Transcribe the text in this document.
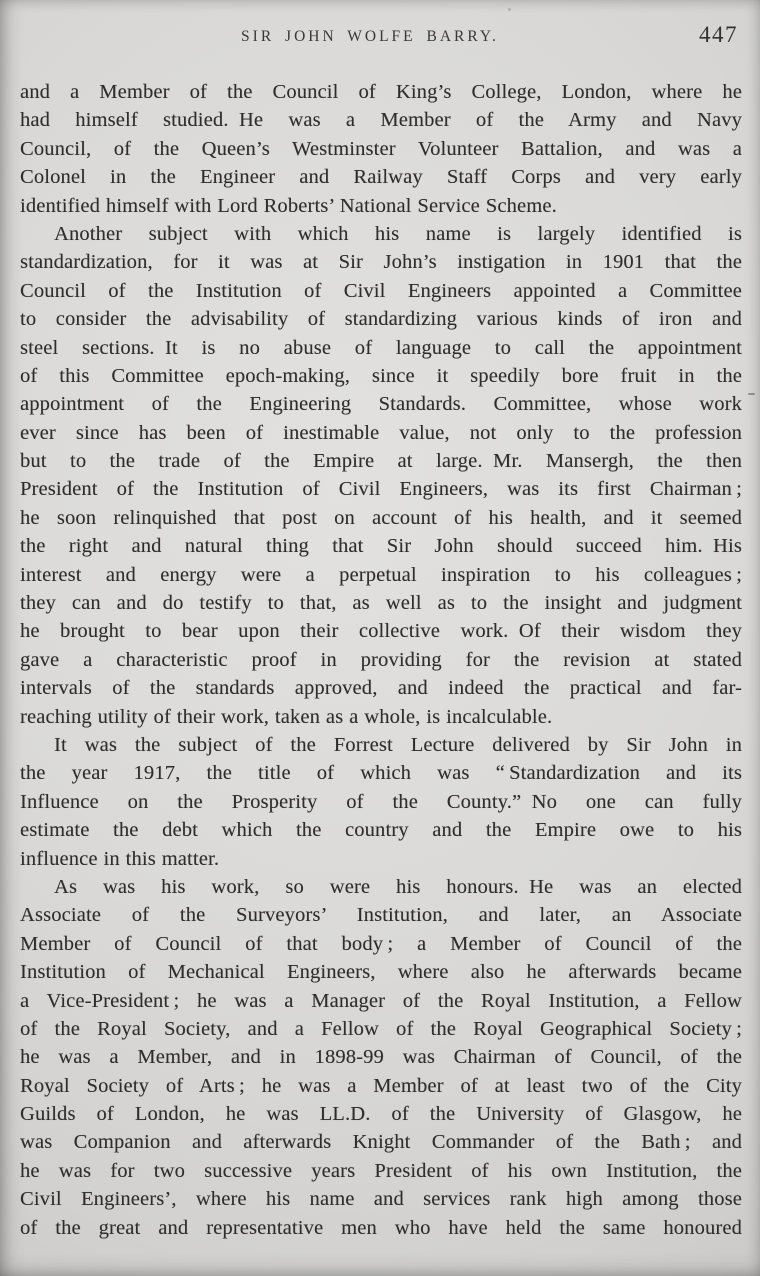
SIR JOHN WOLFE BARRY.	447
and a Member of the Council of King’s College, London, where he
had himself studied. He was a Member of the Army and Navy
Council, of the Queen’s Westminster Volunteer Battalion, and was a
Colonel in the Engineer and Railway Staff Corps and very early
identified himself with Lord Roberts’ National Service Scheme.
Another subject with which his name is largely identified is
standardization, for it was at Sir John’s instigation in 1901 that the
Council of the Institution of Civil Engineers appointed a Committee
to consider the advisability of standardizing various kinds of iron and
steel sections. It is no abuse of language to call the appointment
of this Committee epoch-making, since it speedily bore fruit in the
appointment of the Engineering Standards. Committee, whose work
ever since has been of inestimable value, not only to the profession
but to the trade of the Empire at large. Mr. Mansergh, the then
President of the Institution of Civil Engineers, was its first Chairman ;
he soon relinquished that post on account of his health, and it seemed
the right and natural thing that Sir John should succeed him. His
interest and energy were a perpetual inspiration to his colleagues ;
they can and do testify to that, as well as to the insight and judgment
he brought to bear upon their collective work. Of their wisdom they
gave a characteristic proof in providing for the revision at stated
intervals of the standards approved, and indeed the practical and far-
reaching utility of their work, taken as a whole, is incalculable.
It was the subject of the Forrest Lecture delivered by Sir John in
the year 1917, the title of which was “ Standardization and its
Influence on the Prosperity of the County.” No one can fully
estimate the debt which the country and the Empire owe to his
influence in this matter.
As was his work, so were his honours. He was an elected
Associate of the Surveyors’ Institution, and later, an Associate
Member of Council of that body ; a Member of Council of the
Institution of Mechanical Engineers, where also he afterwards became
a Vice-President ; he was a Manager of the Royal Institution, a Fellow
of the Royal Society, and a Fellow of the Royal Geographical Society ;
he was a Member, and in 1898-99 was Chairman of Council, of the
Royal Society of Arts ; he was a Member of at least two of the City
Guilds of London, he was LL.D. of the University of Glasgow, he
was Companion and afterwards Knight Commander of the Bath ; and
he was for two successive years President of his own Institution, the
Civil Engineers’, where his name and services rank high among those
of the great and representative men who have held the same honoured
